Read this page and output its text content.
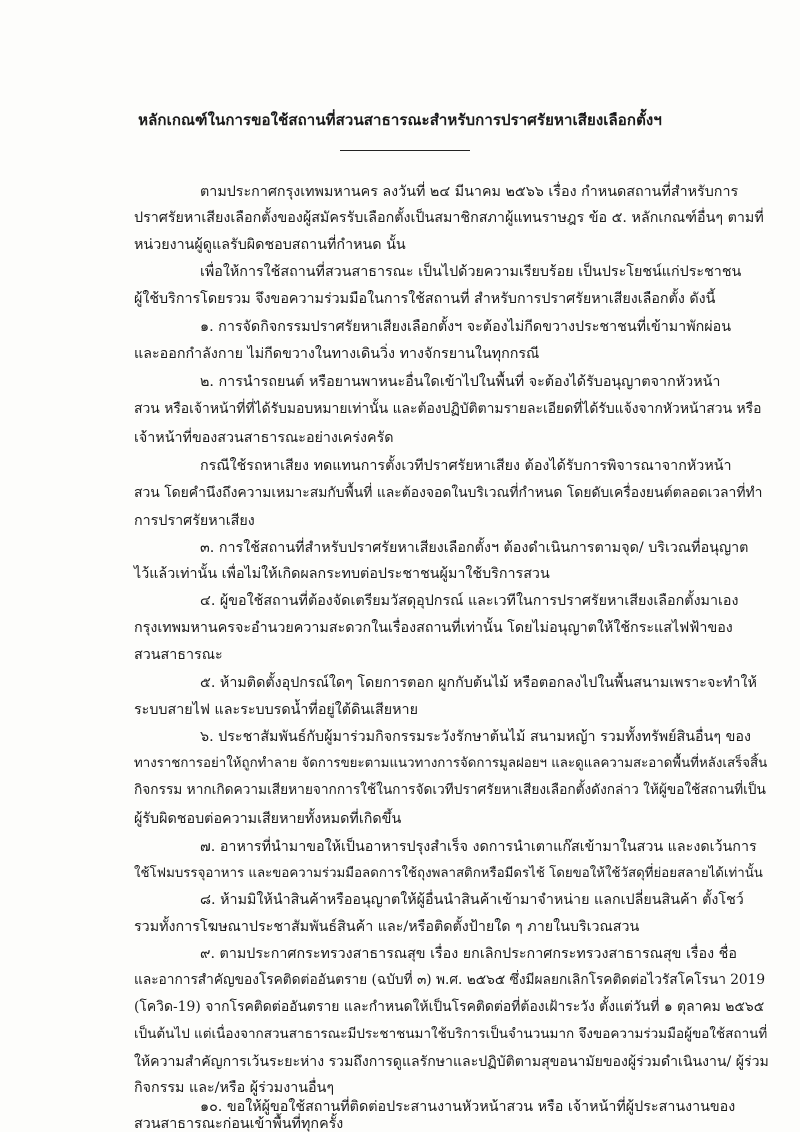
หลักเกณฑ์ในการขอใช้สถานที่สวนสาธารณะสำหรับการปราศรัยหาเสียงเลือกตั้งฯ
ตามประกาศกรุงเทพมหานคร ลงวันที่ ๒๔ มีนาคม ๒๕๖๖ เรื่อง กำหนดสถานที่สำหรับการ
ปราศรัยหาเสียงเลือกตั้งของผู้สมัครรับเลือกตั้งเป็นสมาชิกสภาผู้แทนราษฎร ข้อ ๕. หลักเกณฑ์อื่นๆ ตามที่
หน่วยงานผู้ดูแลรับผิดชอบสถานที่กำหนด นั้น
เพื่อให้การใช้สถานที่สวนสาธารณะ เป็นไปด้วยความเรียบร้อย เป็นประโยชน์แก่ประชาชน
ผู้ใช้บริการโดยรวม จึงขอความร่วมมือในการใช้สถานที่ สำหรับการปราศรัยหาเสียงเลือกตั้ง ดังนี้
๑. การจัดกิจกรรมปราศรัยหาเสียงเลือกตั้งฯ จะต้องไม่กีดขวางประชาชนที่เข้ามาพักผ่อน
และออกกำลังกาย ไม่กีดขวางในทางเดินวิ่ง ทางจักรยานในทุกกรณี
๒. การนำรถยนต์ หรือยานพาหนะอื่นใดเข้าไปในพื้นที่ จะต้องได้รับอนุญาตจากหัวหน้า
สวน หรือเจ้าหน้าที่ที่ได้รับมอบหมายเท่านั้น และต้องปฏิบัติตามรายละเอียดที่ได้รับแจ้งจากหัวหน้าสวน หรือ
เจ้าหน้าที่ของสวนสาธารณะอย่างเคร่งครัด
กรณีใช้รถหาเสียง ทดแทนการตั้งเวทีปราศรัยหาเสียง ต้องได้รับการพิจารณาจากหัวหน้า
สวน โดยคำนึงถึงความเหมาะสมกับพื้นที่ และต้องจอดในบริเวณที่กำหนด โดยดับเครื่องยนต์ตลอดเวลาที่ทำ
การปราศรัยหาเสียง
๓. การใช้สถานที่สำหรับปราศรัยหาเสียงเลือกตั้งฯ ต้องดำเนินการตามจุด/ บริเวณที่อนุญาต
ไว้แล้วเท่านั้น เพื่อไม่ให้เกิดผลกระทบต่อประชาชนผู้มาใช้บริการสวน
๔. ผู้ขอใช้สถานที่ต้องจัดเตรียมวัสดุอุปกรณ์ และเวทีในการปราศรัยหาเสียงเลือกตั้งมาเอง
กรุงเทพมหานครจะอำนวยความสะดวกในเรื่องสถานที่เท่านั้น โดยไม่อนุญาตให้ใช้กระแสไฟฟ้าของ
สวนสาธารณะ
๕. ห้ามติดตั้งอุปกรณ์ใดๆ โดยการตอก ผูกกับต้นไม้ หรือตอกลงไปในพื้นสนามเพราะจะทำให้
ระบบสายไฟ และระบบรดน้ำที่อยู่ใต้ดินเสียหาย
๖. ประชาสัมพันธ์กับผู้มาร่วมกิจกรรมระวังรักษาต้นไม้ สนามหญ้า รวมทั้งทรัพย์สินอื่นๆ ของ
ทางราชการอย่าให้ถูกทำลาย จัดการขยะตามแนวทางการจัดการมูลฝอยฯ และดูแลความสะอาดพื้นที่หลังเสร็จสิ้น
กิจกรรม หากเกิดความเสียหายจากการใช้ในการจัดเวทีปราศรัยหาเสียงเลือกตั้งดังกล่าว ให้ผู้ขอใช้สถานที่เป็น
ผู้รับผิดชอบต่อความเสียหายทั้งหมดที่เกิดขึ้น
๗. อาหารที่นำมาขอให้เป็นอาหารปรุงสำเร็จ งดการนำเตาแก๊สเข้ามาในสวน และงดเว้นการ
ใช้โฟมบรรจุอาหาร และขอความร่วมมือลดการใช้ถุงพลาสติกหรือมีดรไช้ โดยขอให้ใช้วัสดุที่ย่อยสลายได้เท่านั้น
๘. ห้ามมิให้นำสินค้าหรืออนุญาตให้ผู้อื่นนำสินค้าเข้ามาจำหน่าย แลกเปลี่ยนสินค้า ตั้งโชว์
รวมทั้งการโฆษณาประชาสัมพันธ์สินค้า และ/หรือติดตั้งป้ายใด ๆ ภายในบริเวณสวน
๙. ตามประกาศกระทรวงสาธารณสุข เรื่อง ยกเลิกประกาศกระทรวงสาธารณสุข เรื่อง ชื่อ
และอาการสำคัญของโรคติดต่ออันตราย (ฉบับที่ ๓) พ.ศ. ๒๕๖๕ ซึ่งมีผลยกเลิกโรคติดต่อไวรัสโคโรนา 2019
(โควิด-19) จากโรคติดต่ออันตราย และกำหนดให้เป็นโรคติดต่อที่ต้องเฝ้าระวัง ตั้งแต่วันที่ ๑ ตุลาคม ๒๕๖๕
เป็นต้นไป แต่เนื่องจากสวนสาธารณะมีประชาชนมาใช้บริการเป็นจำนวนมาก จึงขอความร่วมมือผู้ขอใช้สถานที่
ให้ความสำคัญการเว้นระยะห่าง รวมถึงการดูแลรักษาและปฏิบัติตามสุขอนามัยของผู้ร่วมดำเนินงาน/ ผู้ร่วม
กิจกรรม และ/หรือ ผู้ร่วมงานอื่นๆ
๑๐. ขอให้ผู้ขอใช้สถานที่ติดต่อประสานงานหัวหน้าสวน หรือ เจ้าหน้าที่ผู้ประสานงานของ
สวนสาธารณะก่อนเข้าพื้นที่ทุกครั้ง
